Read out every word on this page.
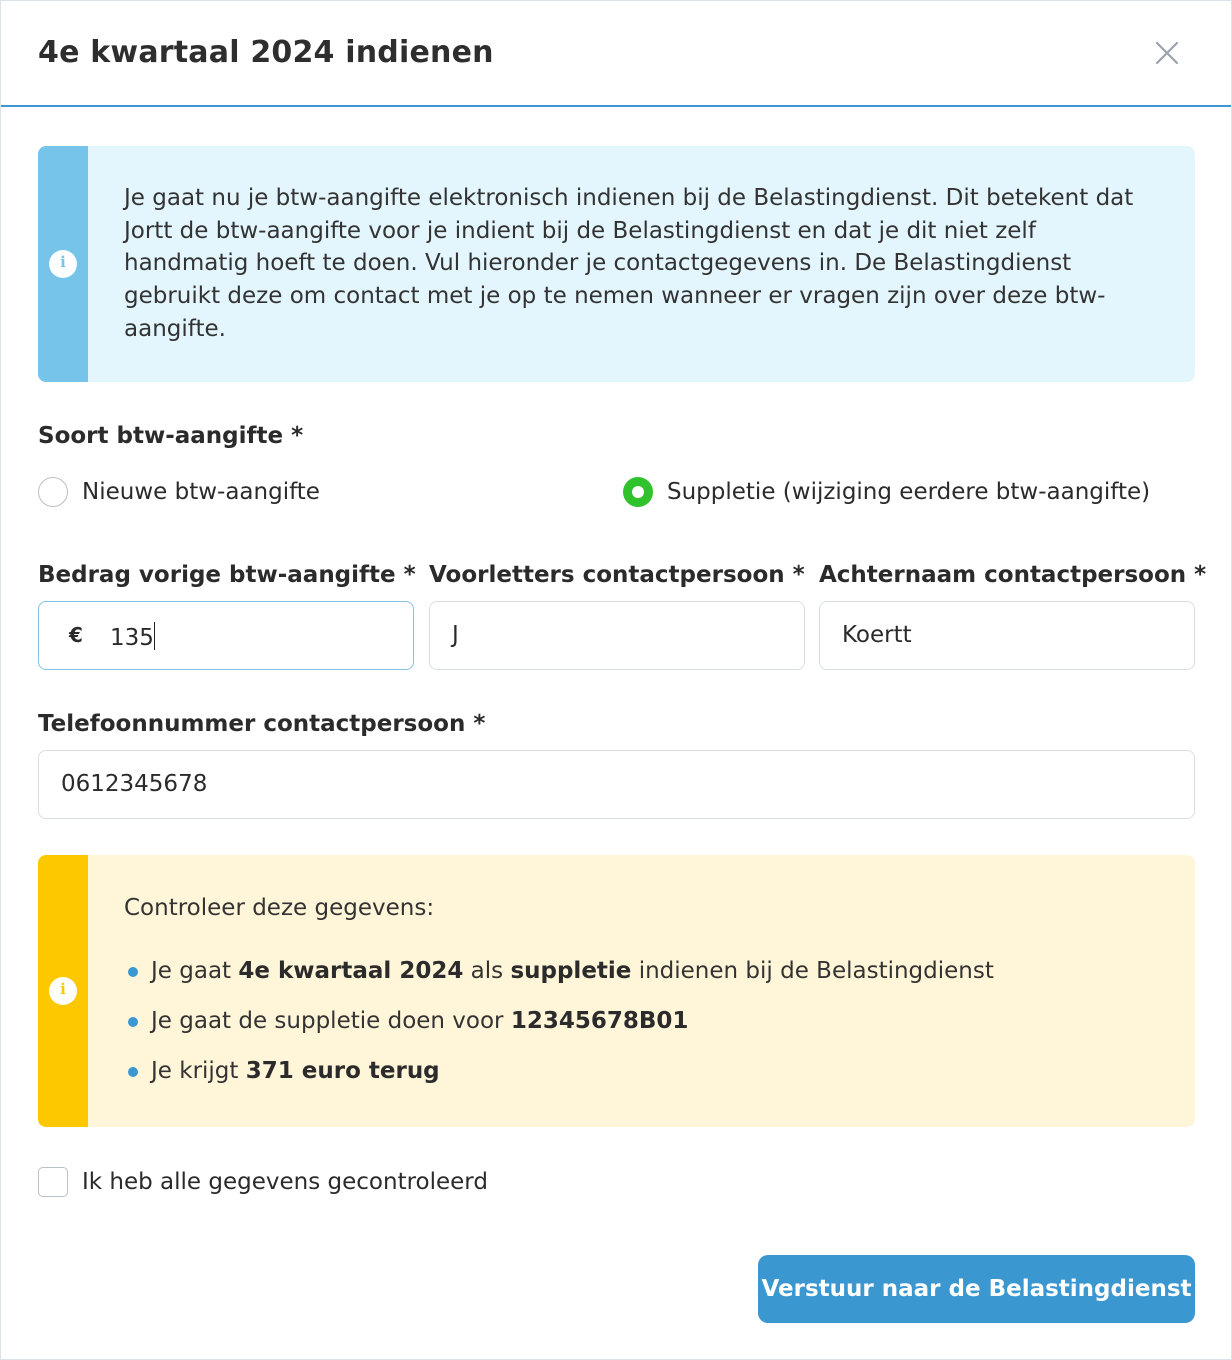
4e kwartaal 2024 indienen
Je gaat nu je btw-aangifte elektronisch indienen bij de Belastingdienst. Dit betekent dat Jortt de btw-aangifte voor je indient bij de Belastingdienst en dat je dit niet zelf handmatig hoeft te doen. Vul hieronder je contactgegevens in. De Belastingdienst gebruikt deze om contact met je op te nemen wanneer er vragen zijn over deze btw-aangifte.
i
Soort btw-aangifte *
Nieuwe btw-aangifte	Suppletie (wijziging eerdere btw-aangifte)
Bedrag vorige btw-aangifte * Voorletters contactpersoon * Achternaam contactpersoon *
€ 135	J	Koertt
Telefoonnummer contactpersoon *
0612345678
Controleer deze gegevens:
Je gaat 4e kwartaal 2024 als suppletie indienen bij de Belastingdienst
Je gaat de suppletie doen voor 12345678B01
Je krijgt 371 euro terug
i
Ik heb alle gegevens gecontroleerd
Verstuur naar de Belastingdienst
